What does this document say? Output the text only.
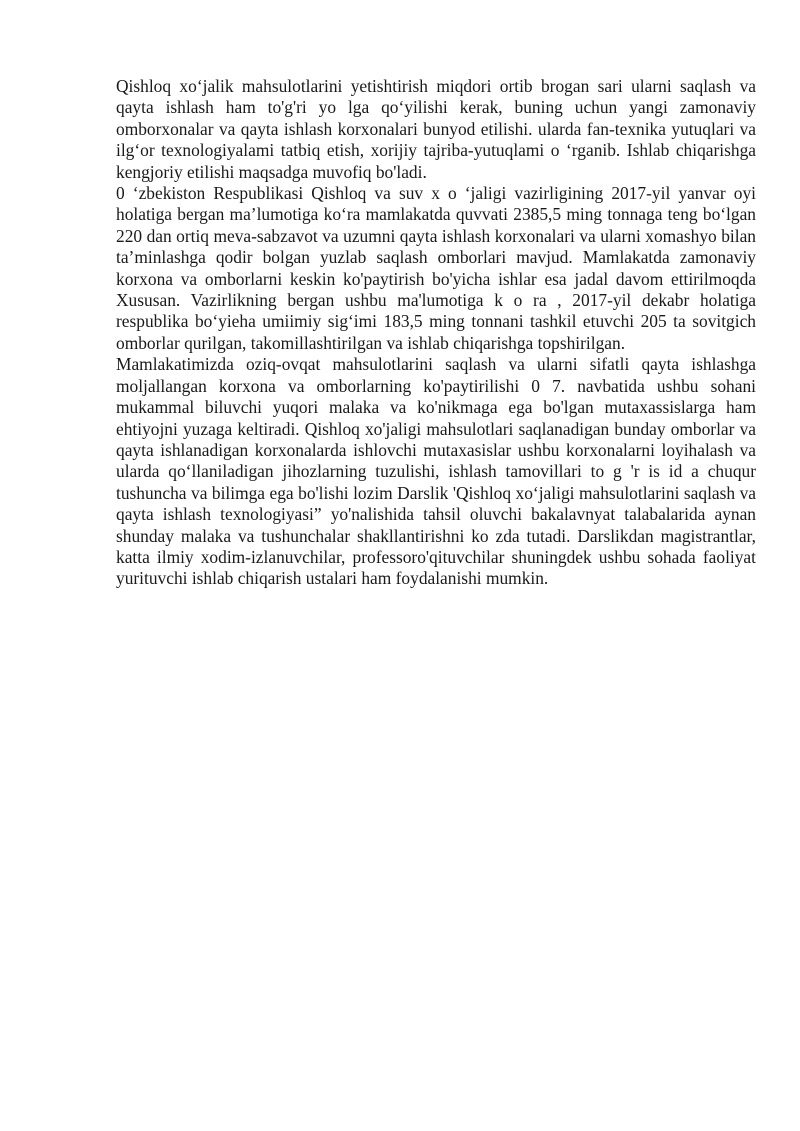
Qishloq xo‘jalik mahsulotlarini yetishtirish miqdori ortib brogan sari ularni saqlash va qayta ishlash ham to'g'ri yo lga qo‘yilishi kerak, buning uchun yangi zamonaviy omborxonalar va qayta ishlash korxonalari bunyod etilishi. ularda fan-texnika yutuqlari va ilg‘or texnologiyalami tatbiq etish, xorijiy tajriba-yutuqlami o ‘rganib. Ishlab chiqarishga kengjoriy etilishi maqsadga muvofiq bo'ladi.

0 ‘zbekiston Respublikasi Qishloq va suv x o ‘jaligi vazirligining 2017-yil yanvar oyi holatiga bergan ma’lumotiga ko‘ra mamlakatda quvvati 2385,5 ming tonnaga teng bo‘lgan 220 dan ortiq meva-sabzavot va uzumni qayta ishlash korxonalari va ularni xomashyo bilan ta’minlashga qodir bolgan yuzlab saqlash omborlari mavjud. Mamlakatda zamonaviy korxona va omborlarni keskin ko'paytirish bo'yicha ishlar esa jadal davom ettirilmoqda Xususan. Vazirlikning bergan ushbu ma'lumotiga k o ra , 2017-yil dekabr holatiga respublika bo‘yieha umiimiy sig‘imi 183,5 ming tonnani tashkil etuvchi 205 ta sovitgich omborlar qurilgan, takomillashtirilgan va ishlab chiqarishga topshirilgan.

Mamlakatimizda oziq-ovqat mahsulotlarini saqlash va ularni sifatli qayta ishlashga moljallangan korxona va omborlarning ko'paytirilishi 0 7. navbatida ushbu sohani mukammal biluvchi yuqori malaka va ko'nikmaga ega bo'lgan mutaxassislarga ham ehtiyojni yuzaga keltiradi. Qishloq xo'jaligi mahsulotlari saqlanadigan bunday omborlar va qayta ishlanadigan korxonalarda ishlovchi mutaxasislar ushbu korxonalarni loyihalash va ularda qo‘llaniladigan jihozlarning tuzulishi, ishlash tamovillari to g 'r is id a chuqur tushuncha va bilimga ega bo'lishi lozim Darslik 'Qishloq xo‘jaligi mahsulotlarini saqlash va qayta ishlash texnologiyasi” yo'nalishida tahsil oluvchi bakalavnyat talabalarida aynan shunday malaka va tushunchalar shakllantirishni ko zda tutadi. Darslikdan magistrantlar, katta ilmiy xodim-izlanuvchilar, professoro'qituvchilar shuningdek ushbu sohada faoliyat yurituvchi ishlab chiqarish ustalari ham foydalanishi mumkin.
